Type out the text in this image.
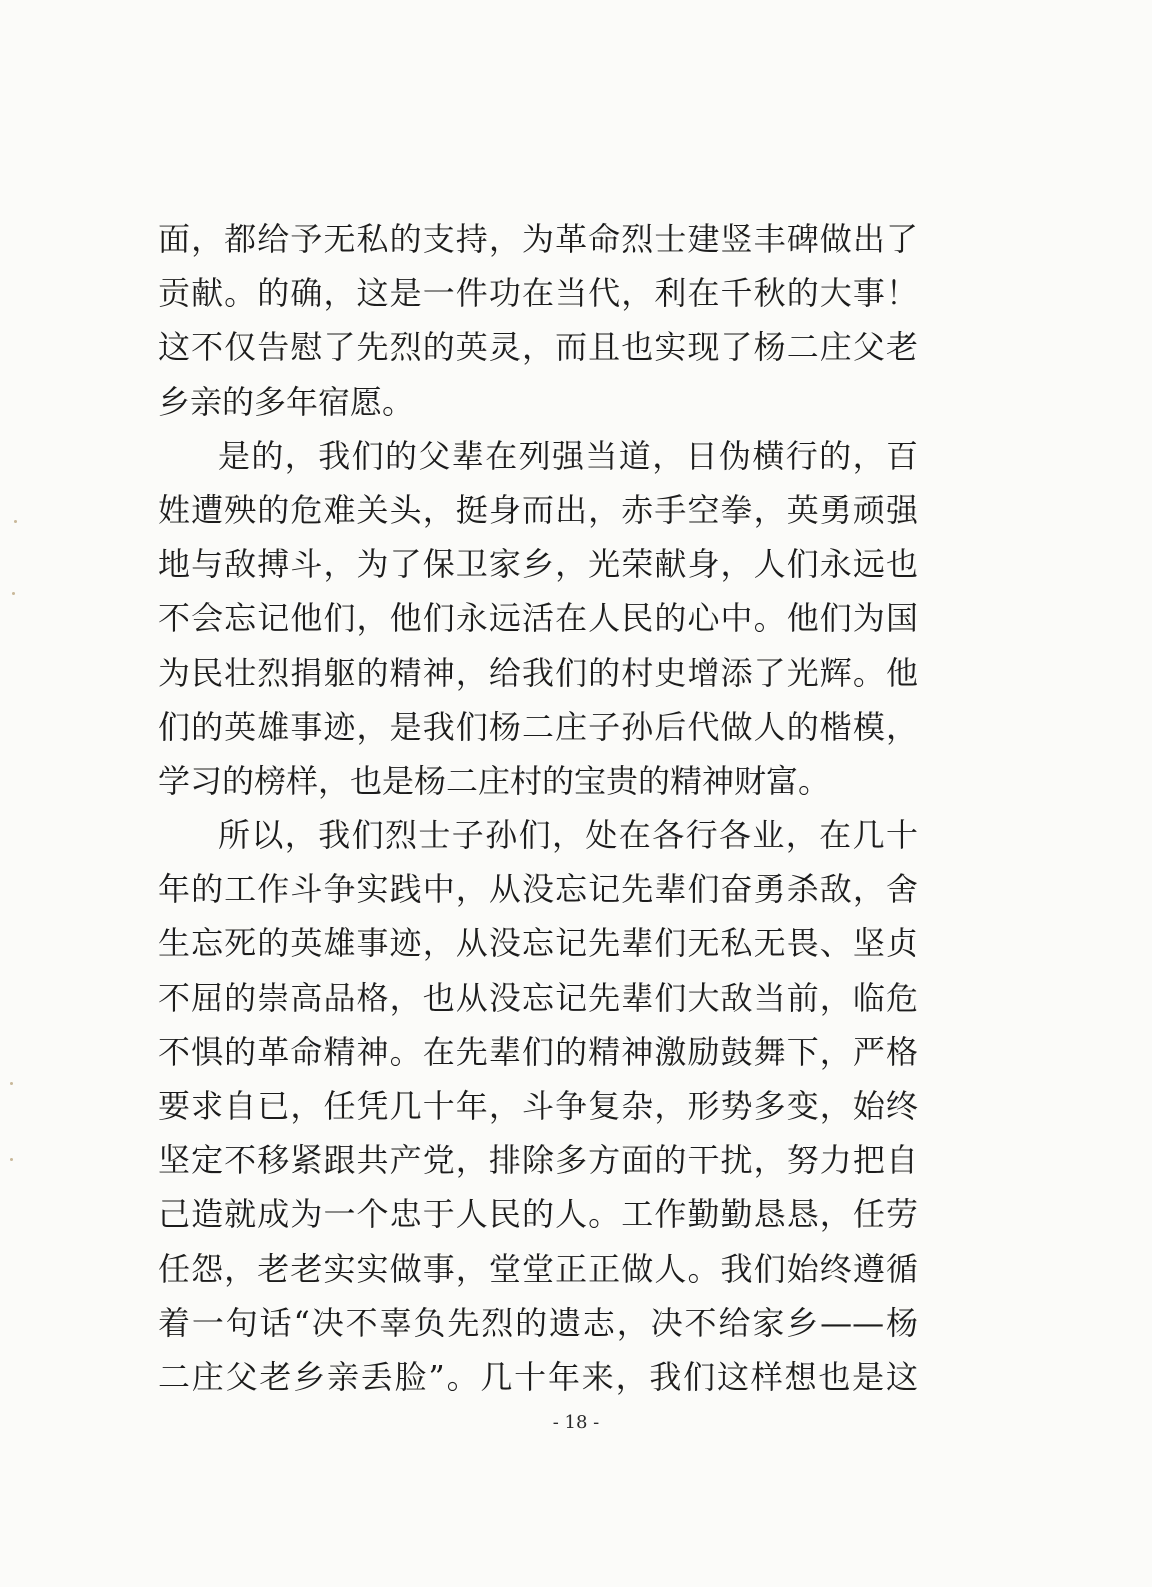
面，都给予无私的支持，为革命烈士建竖丰碑做出了
贡献。的确，这是一件功在当代，利在千秋的大事！
这不仅告慰了先烈的英灵，而且也实现了杨二庄父老
乡亲的多年宿愿。
是的，我们的父辈在列强当道，日伪横行的，百
姓遭殃的危难关头，挺身而出，赤手空拳，英勇顽强
地与敌搏斗，为了保卫家乡，光荣献身，人们永远也
不会忘记他们，他们永远活在人民的心中。他们为国
为民壮烈捐躯的精神，给我们的村史增添了光辉。他
们的英雄事迹，是我们杨二庄子孙后代做人的楷模，
学习的榜样，也是杨二庄村的宝贵的精神财富。
所以，我们烈士子孙们，处在各行各业，在几十
年的工作斗争实践中，从没忘记先辈们奋勇杀敌，舍
生忘死的英雄事迹，从没忘记先辈们无私无畏、坚贞
不屈的崇高品格，也从没忘记先辈们大敌当前，临危
不惧的革命精神。在先辈们的精神激励鼓舞下，严格
要求自已，任凭几十年，斗争复杂，形势多变，始终
坚定不移紧跟共产党，排除多方面的干扰，努力把自
己造就成为一个忠于人民的人。工作勤勤恳恳，任劳
任怨，老老实实做事，堂堂正正做人。我们始终遵循
着一句话“决不辜负先烈的遗志，决不给家乡——杨
二庄父老乡亲丢脸”。几十年来，我们这样想也是这
- 18 -
